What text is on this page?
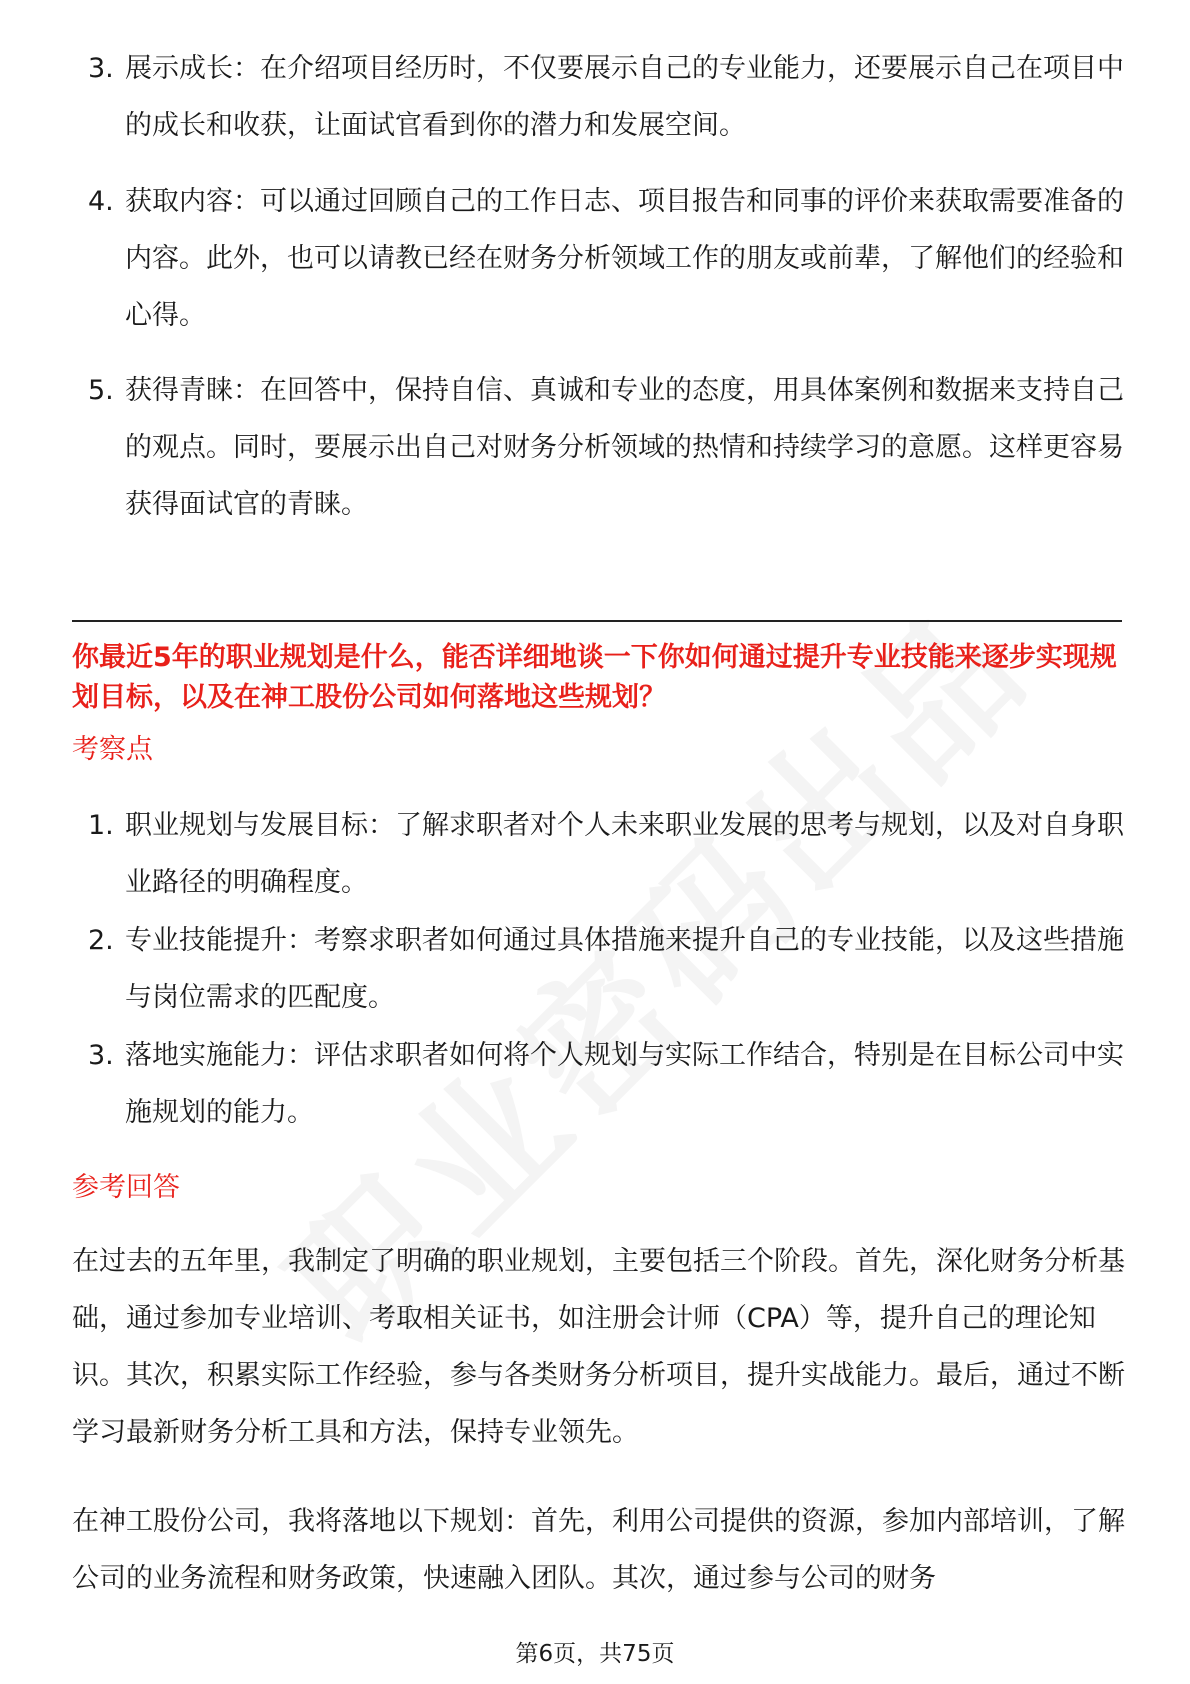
3. 展示成长：在介绍项目经历时，不仅要展示自己的专业能力，还要展示自己在项目中的成长和收获，让面试官看到你的潜力和发展空间。
4. 获取内容：可以通过回顾自己的工作日志、项目报告和同事的评价来获取需要准备的内容。此外，也可以请教已经在财务分析领域工作的朋友或前辈，了解他们的经验和心得。
5. 获得青睐：在回答中，保持自信、真诚和专业的态度，用具体案例和数据来支持自己的观点。同时，要展示出自己对财务分析领域的热情和持续学习的意愿。这样更容易获得面试官的青睐。
你最近5年的职业规划是什么，能否详细地谈一下你如何通过提升专业技能来逐步实现规划目标，以及在神工股份公司如何落地这些规划？
考察点
1. 职业规划与发展目标：了解求职者对个人未来职业发展的思考与规划，以及对自身职业路径的明确程度。
2. 专业技能提升：考察求职者如何通过具体措施来提升自己的专业技能，以及这些措施与岗位需求的匹配度。
3. 落地实施能力：评估求职者如何将个人规划与实际工作结合，特别是在目标公司中实施规划的能力。
参考回答
在过去的五年里，我制定了明确的职业规划，主要包括三个阶段。首先，深化财务分析基础，通过参加专业培训、考取相关证书，如注册会计师（CPA）等，提升自己的理论知识。其次，积累实际工作经验，参与各类财务分析项目，提升实战能力。最后，通过不断学习最新财务分析工具和方法，保持专业领先。
在神工股份公司，我将落地以下规划：首先，利用公司提供的资源，参加内部培训，了解公司的业务流程和财务政策，快速融入团队。其次，通过参与公司的财务
第6页，共75页
